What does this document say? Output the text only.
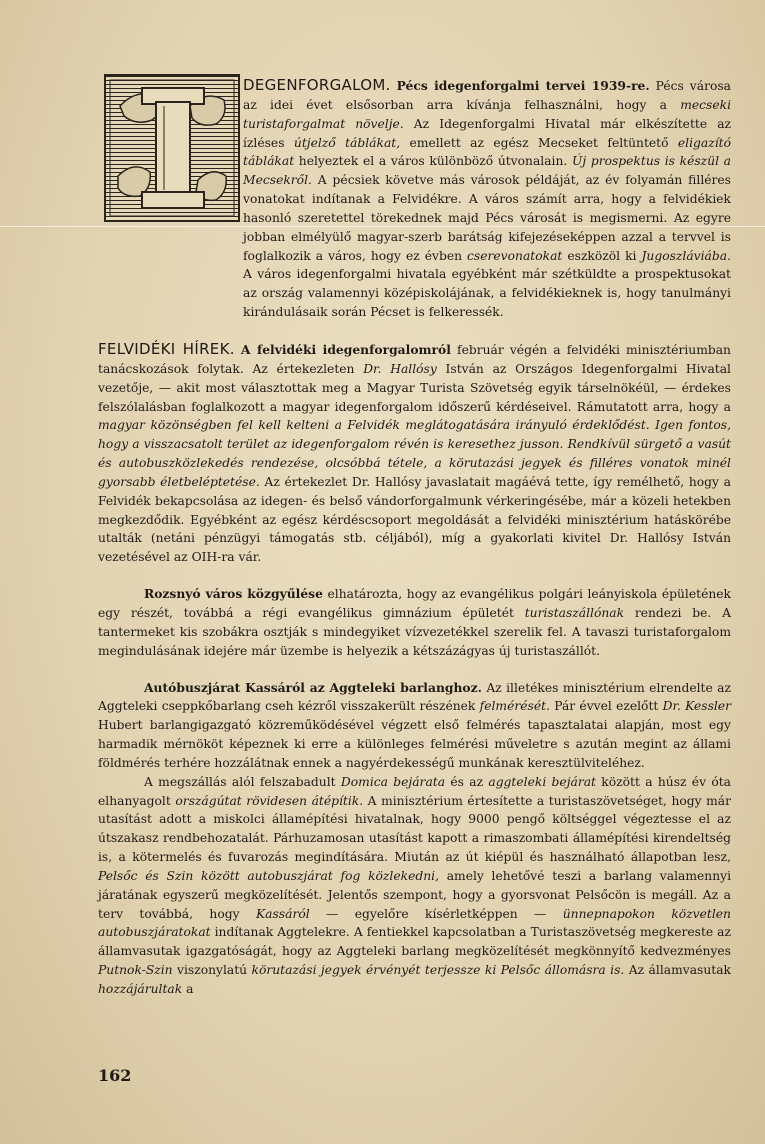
DEGENFORGALOM. Pécs idegenforgalmi tervei 1939-re. Pécs városa az idei évet elsősorban arra kívánja felhasználni, hogy a mecseki turistaforgalmat növelje. Az Idegenforgalmi Hivatal már elkészítette az ízléses útjelző táblákat, emellett az egész Mecseket feltüntető eligazító táblákat helyeztek el a város különböző útvonalain. Új prospektus is készül a Mecsekről. A pécsiek követve más városok példáját, az év folyamán filléres vonatokat indítanak a Felvidékre. A város számít arra, hogy a felvidékiek hasonló szeretettel törekednek majd Pécs városát is megismerni. Az egyre jobban elmélyülő magyar-szerb barátság kifejezéseképpen azzal a tervvel is foglalkozik a város, hogy ez évben cserevonatokat eszközöl ki Jugoszláviába. A város idegenforgalmi hivatala egyébként már szétküldte a prospektusokat az ország valamennyi középiskolájának, a felvidékieknek is, hogy tanulmányi kirándulásaik során Pécset is felkeressék.

FELVIDÉKI HÍREK. A felvidéki idegenforgalomról február végén a felvidéki minisztériumban tanácskozások folytak. Az értekezleten Dr. Hallósy István az Országos Idegenforgalmi Hivatal vezetője, — akit most választottak meg a Magyar Turista Szövetség egyik társelnökéül, — érdekes felszólalásban foglalkozott a magyar idegenforgalom időszerű kérdéseivel. Rámutatott arra, hogy a magyar közönségben fel kell kelteni a Felvidék meglátogatására irányuló érdeklődést. Igen fontos, hogy a visszacsatolt terület az idegenforgalom révén is keresethez jusson. Rendkívül sürgető a vasút és autobuszközlekedés rendezése, olcsóbbá tétele, a körutazási jegyek és filléres vonatok minél gyorsabb életbeléptetése. Az értekezlet Dr. Hallósy javaslatait magáévá tette, így remélhető, hogy a Felvidék bekapcsolása az idegen- és belső vándorforgalmunk vérkeringésébe, már a közeli hetekben megkezdődik. Egyébként az egész kérdéscsoport megoldását a felvidéki minisztérium hatáskörébe utalták (netáni pénzügyi támogatás stb. céljából), míg a gyakorlati kivitel Dr. Hallósy István vezetésével az OIH-ra vár.

Rozsnyó város közgyűlése elhatározta, hogy az evangélikus polgári leányiskola épületének egy részét, továbbá a régi evangélikus gimnázium épületét turistaszállónak rendezi be. A tantermeket kis szobákra osztják s mindegyiket vízvezetékkel szerelik fel. A tavaszi turistaforgalom megindulásának idejére már üzembe is helyezik a kétszázágyas új turistaszállót.

Autóbuszjárat Kassáról az Aggteleki barlanghoz. Az illetékes minisztérium elrendelte az Aggteleki cseppkőbarlang cseh kézről visszakerült részének felmérését. Pár évvel ezelőtt Dr. Kessler Hubert barlangigazgató közreműködésével végzett első felmérés tapasztalatai alapján, most egy harmadik mérnököt képeznek ki erre a különleges felmérési műveletre s azután megint az állami földmérés terhére hozzálátnak ennek a nagyérdekességű munkának keresztülviteléhez.

A megszállás alól felszabadult Domica bejárata és az aggteleki bejárat között a húsz év óta elhanyagolt országútat rövidesen átépítik. A minisztérium értesítette a turistaszövetséget, hogy már utasítást adott a miskolci államépítési hivatalnak, hogy 9000 pengő költséggel végeztesse el az útszakasz rendbehozatalát. Párhuzamosan utasítást kapott a rimaszombati államépítési kirendeltség is, a kötermelés és fuvarozás megindítására. Miután az út kiépül és használható állapotban lesz, Pelsőc és Szin között autobuszjárat fog közlekedni, amely lehetővé teszi a barlang valamennyi járatának egyszerű megközelítését. Jelentős szempont, hogy a gyorsvonat Pelsőcön is megáll. Az a terv továbbá, hogy Kassáról — egyelőre kísérletképpen — ünnepnapokon közvetlen autobuszjáratokat indítanak Aggtelekre. A fentiekkel kapcsolatban a Turistaszövetség megkereste az államvasutak igazgatóságát, hogy az Aggteleki barlang megközelítését megkönnyítő kedvezményes Putnok-Szin viszonylatú körutazási jegyek érvényét terjessze ki Pelsőc állomásra is. Az államvasutak hozzájárultak a

162
